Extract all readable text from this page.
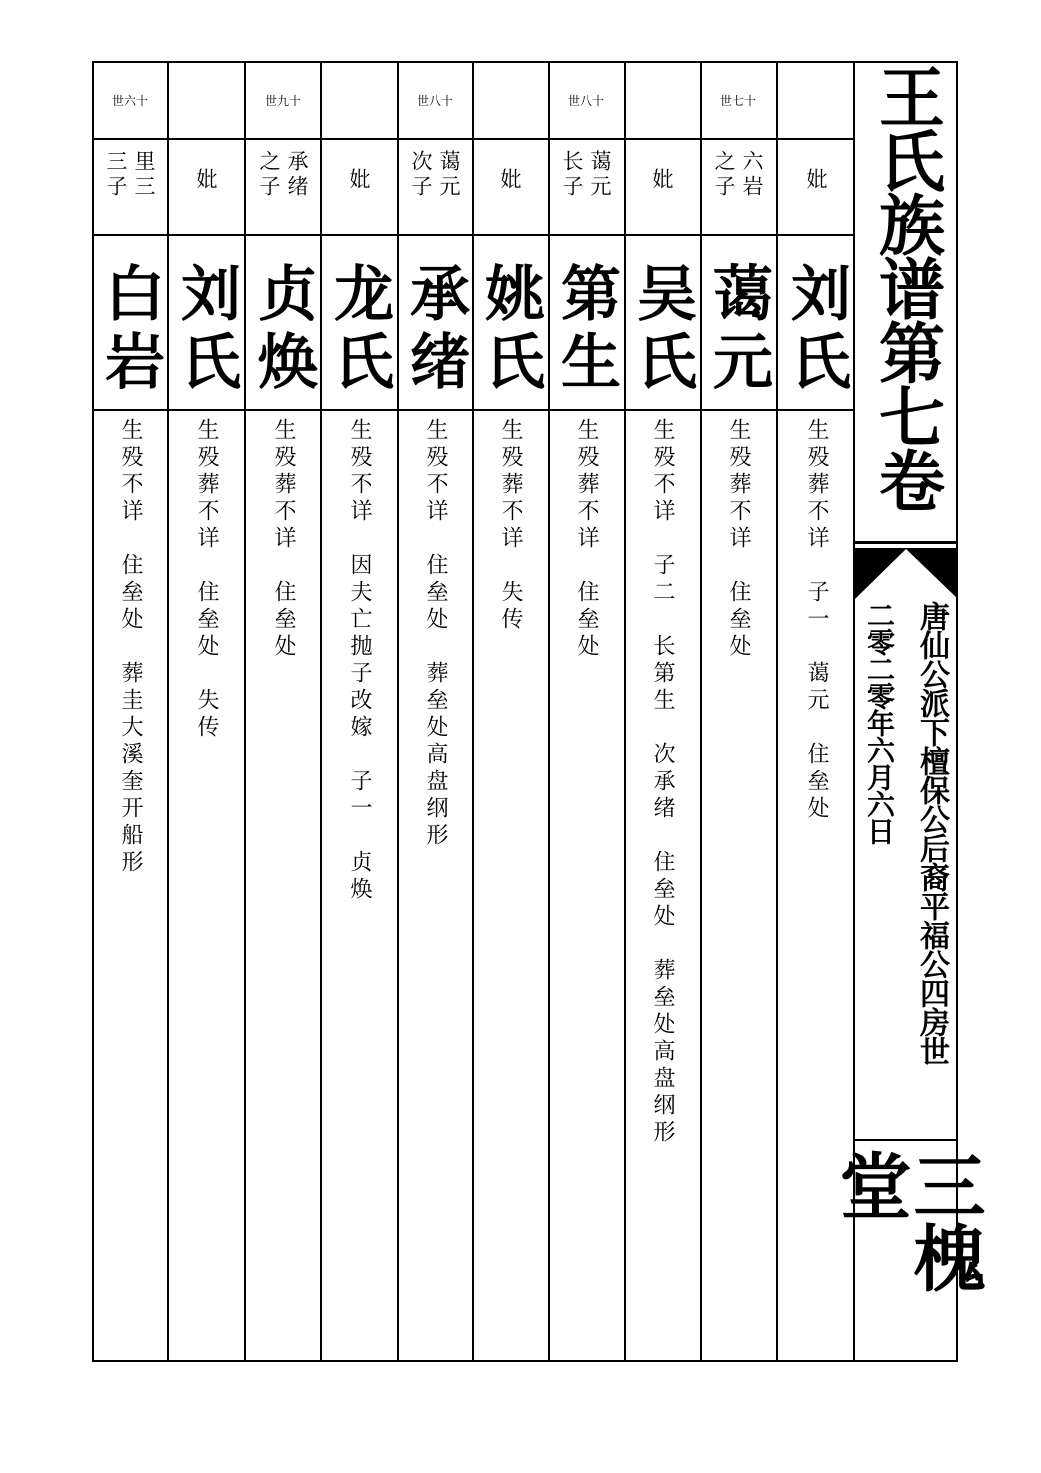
妣
刘氏
生殁葬不详　子一　蔼元　住垒处
世七十
六岩之子
蔼元
生殁葬不详　住垒处
妣
吴氏
生殁不详　子二　长第生　次承绪　住垒处　葬垒处高盘纲形
世八十
蔼元长子
第生
生殁葬不详　住垒处
妣
姚氏
生殁葬不详　失传
世八十
蔼元次子
承绪
生殁不详　住垒处　葬垒处高盘纲形
妣
龙氏
生殁不详　因夫亡抛子改嫁　子一　贞焕
世九十
承绪之子
贞焕
生殁葬不详　住垒处
妣
刘氏
生殁葬不详　住垒处　失传
世六十
里三三子
白岩
生殁不详　住垒处　葬圭大溪奎开船形
王氏族谱第七卷
唐仙公派下檀保公后裔平福公四房世
二零二零年六月六日
三槐堂
